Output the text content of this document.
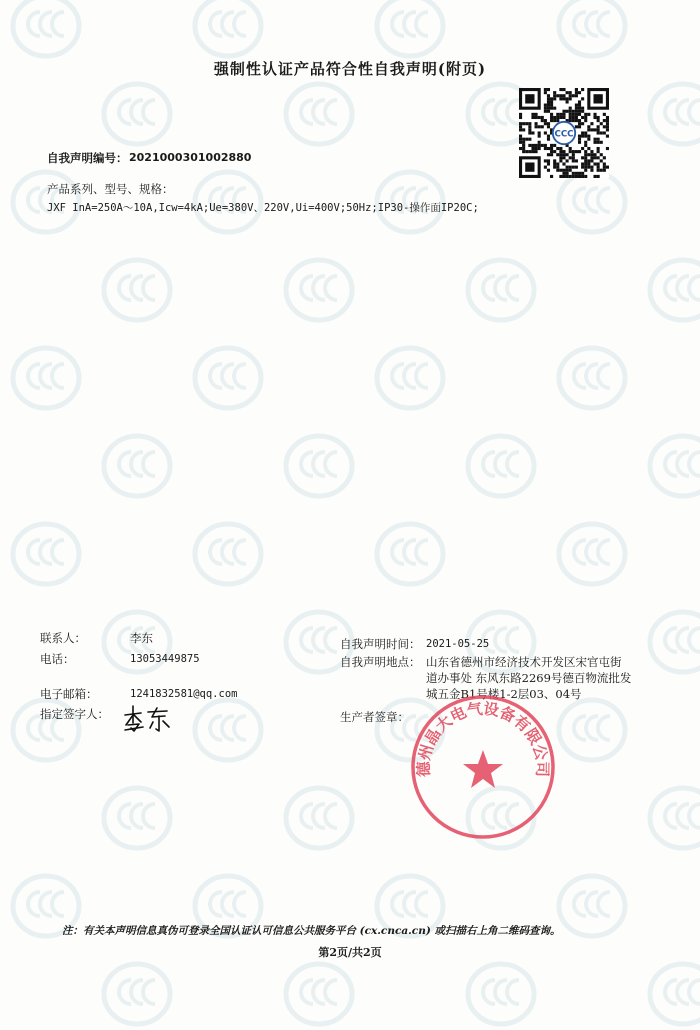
强制性认证产品符合性自我声明(附页)
CCC
自我声明编号： 2021000301002880
产品系列、型号、规格：
JXF InA=250A～10A,Icw=4kA;Ue=380V、220V,Ui=400V;50Hz;IP30-操作面IP20C;
联系人：	李东
电话：	13053449875
电子邮箱：	1241832581@qq.com
指定签字人：
自我声明时间： 2021-05-25
自我声明地点： 山东省德州市经济技术开发区宋官屯街
道办事处 东风东路2269号德百物流批发
城五金B1号楼1-2层03、04号
生产者签章：
德州晶大电气设备有限公司
注：有关本声明信息真伪可登录全国认证认可信息公共服务平台 (cx.cnca.cn) 或扫描右上角二维码查询。
第2页/共2页
